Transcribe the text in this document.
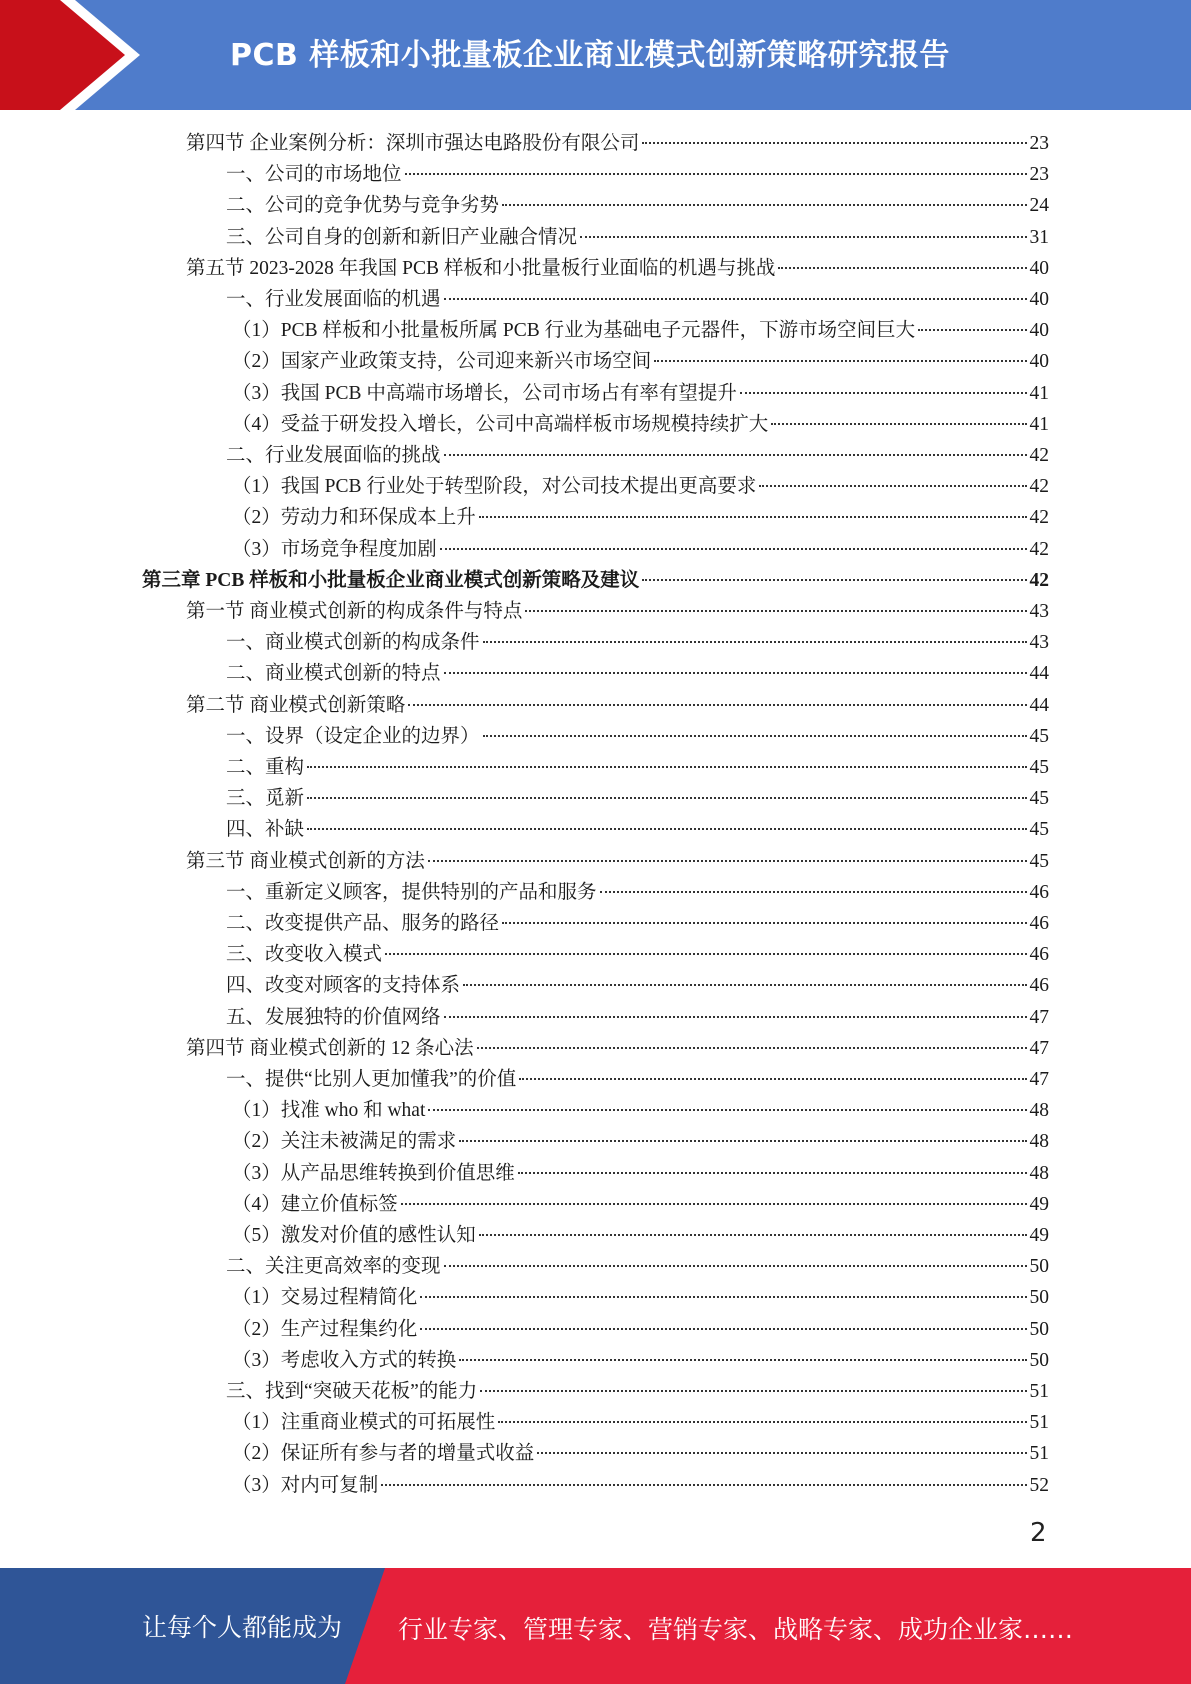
PCB 样板和小批量板企业商业模式创新策略研究报告
第四节 企业案例分析：深圳市强达电路股份有限公司	23
一、公司的市场地位	23
二、公司的竞争优势与竞争劣势	24
三、公司自身的创新和新旧产业融合情况	31
第五节 2023-2028 年我国 PCB 样板和小批量板行业面临的机遇与挑战	40
一、行业发展面临的机遇	40
（1）PCB 样板和小批量板所属 PCB 行业为基础电子元器件，下游市场空间巨大	40
（2）国家产业政策支持，公司迎来新兴市场空间	40
（3）我国 PCB 中高端市场增长，公司市场占有率有望提升	41
（4）受益于研发投入增长，公司中高端样板市场规模持续扩大	41
二、行业发展面临的挑战	42
（1）我国 PCB 行业处于转型阶段，对公司技术提出更高要求	42
（2）劳动力和环保成本上升	42
（3）市场竞争程度加剧	42
第三章 PCB 样板和小批量板企业商业模式创新策略及建议	42
第一节 商业模式创新的构成条件与特点	43
一、商业模式创新的构成条件	43
二、商业模式创新的特点	44
第二节 商业模式创新策略	44
一、设界（设定企业的边界）	45
二、重构	45
三、觅新	45
四、补缺	45
第三节 商业模式创新的方法	45
一、重新定义顾客，提供特别的产品和服务	46
二、改变提供产品、服务的路径	46
三、改变收入模式	46
四、改变对顾客的支持体系	46
五、发展独特的价值网络	47
第四节 商业模式创新的 12 条心法	47
一、提供“比别人更加懂我”的价值	47
（1）找准 who 和 what	48
（2）关注未被满足的需求	48
（3）从产品思维转换到价值思维	48
（4）建立价值标签	49
（5）激发对价值的感性认知	49
二、关注更高效率的变现	50
（1）交易过程精简化	50
（2）生产过程集约化	50
（3）考虑收入方式的转换	50
三、找到“突破天花板”的能力	51
（1）注重商业模式的可拓展性	51
（2）保证所有参与者的增量式收益	51
（3）对内可复制	52
2
让每个人都能成为 行业专家、管理专家、营销专家、战略专家、成功企业家……
